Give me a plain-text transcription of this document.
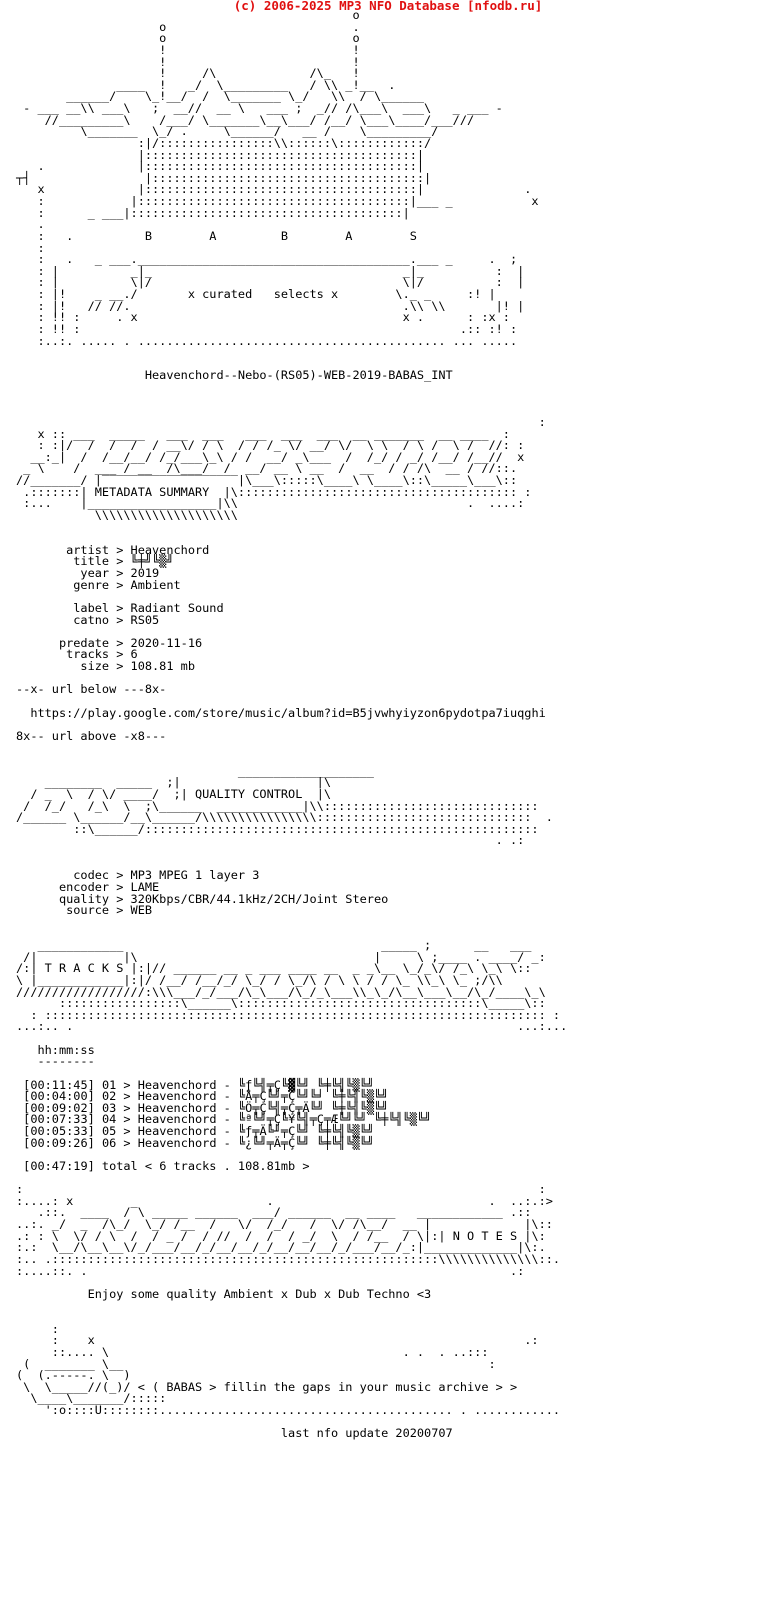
(c) 2006-2025 MP3 NFO Database [nfodb.ru]
o
o                          .
o                          o
!                          !
!                          !
!     /\             /\_   !
____  !   _/  \_________   / \\ _!__  .
______/    \_!__/  /  \_______ \_/   \\  / \______
- ___ __\\ ___\   ;  __//  __ \   ___ ;  _// /\___\  ___\   _ ___ -
//_________\    /___/ \_______\__\___/ /__/ \___\____/___///
\_______  \_/ .     \______/   __ /    \_________/
:|/::::::::::::::::\\::::::\::::::::::::/
|::::::::::::::::::::::::::::::::::::::|
.             |::::::::::::::::::::::::::::::::::::::|
┬┤                |::::::::::::::::::::::::::::::::::::::|
x             |::::::::::::::::::::::::::::::::::::::|              .
:            |::::::::::::::::::::::::::::::::::::::|___ _           x
:      _ ___|::::::::::::::::::::::::::::::::::::::|
.
:   .	B        A         B        A        S
:
:   .   _ ___.______________________________________.___ _     .  ;
: |          _|_                                   _|_          :  |
: |          \|/                                   \|/          :  |
: |!    _ __./	x curated   selects x	\._ _     :! |
: |!   // //.                                      .\\ \\       |! |
: !! :     . x                                     x .      : :x :
: !! :                                                     .:: :! :
:..:. ..... . ........................................... ... .....

Heavenchord--Nebo-(RS05)-WEB-2019-BABAS_INT

:
x :: ___  _____   ___  ___   ___  ___  ___  __ _______  __ ____  :
: :|/  /  /  /  / __\/ / \  / / /_ \/ __/ \/  \ \  / \ /  \ /  //: :
__:_|  /  /__/__/ /_/___\_\ / /  __/ _\___  /  /_/ / _/ /__/ /__//  x
_ \    /  ___ / __  /\___/  /  __/ __ \ __  /  __  / / /\  __ / //::.
//_______/ |‾‾‾‾‾‾‾‾‾‾‾‾‾‾‾‾‾‾‾|\___\:::::\____\ \____\::\_____\___\::
.:::::::| METADATA SUMMARY  |\::::::::::::::::::::::::::::::::::::::: :
:...    |__________________|\\                                .  ....:
\\\\\\\\\\\\\\\\\\\\

artist > Heavenchord
title > ╚╪╝╚▒╝
year > 2019
genre > Ambient

label > Radiant Sound
catno > RS05

predate > 2020-11-16
tracks > 6
size > 108.81 mb

--x- url below ---8x-

https://play.google.com/store/music/album?id=B5jvwhyiyzon6pydotpa7iuqghi

8x-- url above -x8---

___________________
________  _____  ;|                   |\
/ _  \  / \/ ____/  ;| QUALITY CONTROL  |\
/  /_/   /_\  \  ;\______  ____________|\\::::::::::::::::::::::::::::::
/______ \______/__\______/\\\\\\\\\\\\\\\\::::::::::::::::::::::::::::::  .
::\______/:::::::::::::::::::::::::::::::::::::::::::::::::::::::
. .:

codec > MP3 MPEG 1 layer 3
encoder > LAME
quality > 320Kbps/CBR/44.1kHz/2CH/Joint Stereo
source > WEB

____________                                    _____ ;      __   ___
/|            |\                                 |     \ ;____ . ____/ _:
/:| T R A C K S |:|// ______ __ _ ___ ____ __  _ _\__ \_/_\/ /_\ \_\ \::
\ |____________|:|/ /__/ /__/_/ \_/ / \_/\ / \ \ / / \_ \\_\ \_ ;/\\
//////////////////:\\\___/_/___/\_\___/\_/_\___\\_\_/\__\___\__/\_/____\_\
:::::::::::::::::\______\::::::::::::::::::::::::::::::::::\_____\::
: :::::::::::::::::::::::::::::::::::::::::::::::::::::::::::::::::::::: :
...:.. .                                                              ...:...

hh:mm:ss
--------

[00:11:45] 01 > Heavenchord - ╚ƒ╚╣╤Ç╚▓╚╝ ╚╪╚╣╚▒╚╝
[00:04:00] 02 > Heavenchord - ╚Å╤Ç╚╝╤Ç╚╝╚╛ ╚╪╚╣╚▒╚╝
[00:09:02] 03 > Heavenchord - ╚Ö╤Ç╚╣╤Ç╤Ä╚╝ ╚╪╚╣╚▒╚╝
[00:07:33] 04 > Heavenchord - ╚ª╚╝╤Ç╚¥╚╣╤Ç╤Æ╚╝╚╝ ╚╪╚╣╚▒╚╝
[00:05:33] 05 > Heavenchord - ╚ƒ╤Ä╚╜╤Ç╚╝ ╚╪╚╣╚▒╚╝
[00:09:26] 06 > Heavenchord - ╚¿╚╝╤Ä╤Ç╚╝ ╚╪╚╣╚▒╚╝

[00:47:19] total < 6 tracks . 108.81mb >

:                                                                        :
:....: x        _                  .                              .  ..:.:>
.::.  ____  / \ _____ ______  ___/ ______  __ ____   ____________ .::
..:. _/  _  /\_/  \_/ /__  /   \/  /_/   /  \/ /\__/  __ |             |\::
.: : \  \/ / \  /  / _ /  / //  /  /  / _/  \  / /__  / \|:| N O T E S |\:
:.:  \__/\__\__\/_/___/__/_/__/__/_/__/__/__/_/___/__/_:|_____________|\:.
:.. .::::::::::::::::::::::::::::::::::::::::::::::::::::::\\\\\\\\\\\\\\::.
:....::. .                                                           .:

Enjoy some quality Ambient x Dub x Dub Techno <3

:
:    x                                                            .:
::.... \                                         . .  . ..:::
(  _______ \__                                                   :
(  (.-----. \  )
\  \_____//(_)/ < ( BABAS > fillin the gaps in your music archive > >
\____\_______/:::::
':o::::U::::::::......................................... . ............

last nfo update 20200707
